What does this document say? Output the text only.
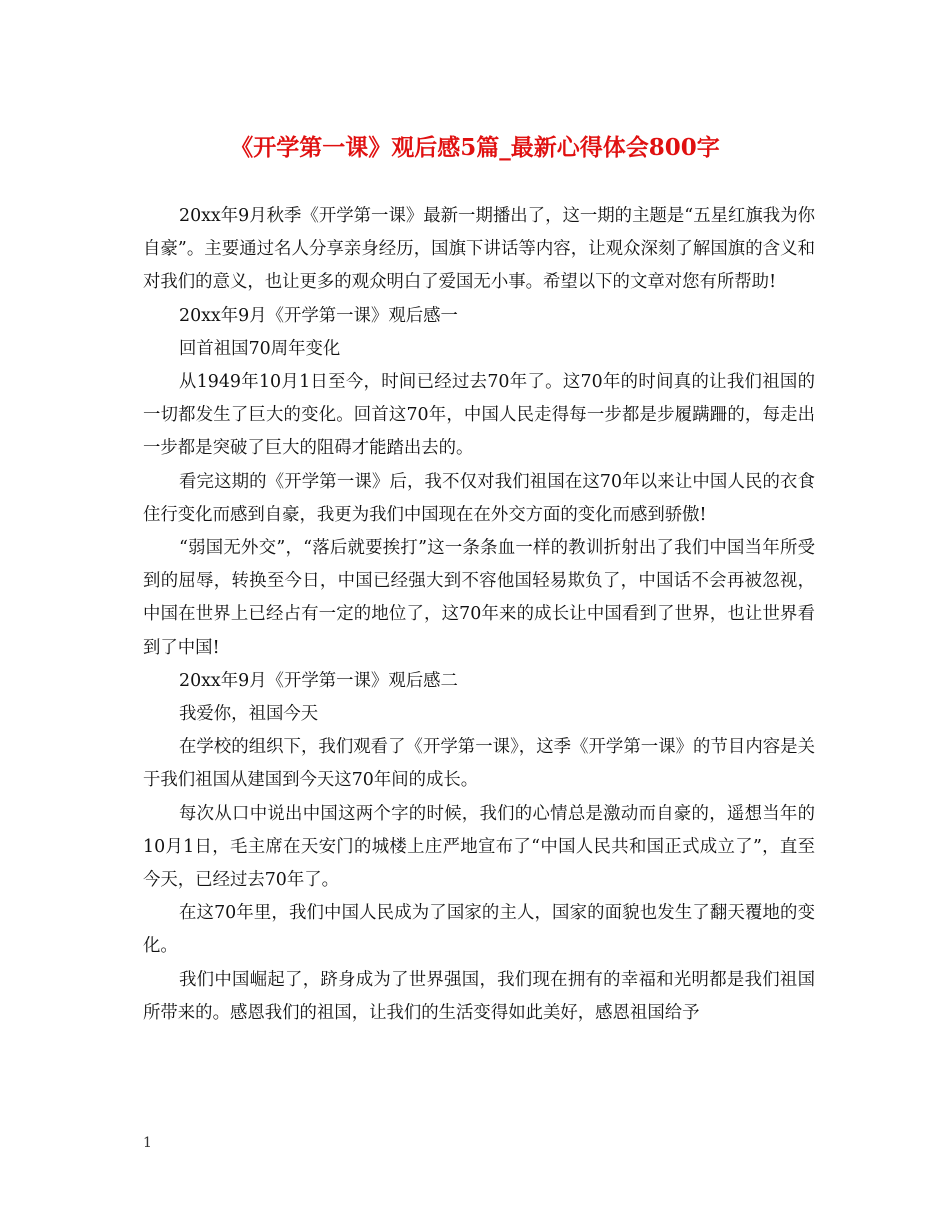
《开学第一课》观后感5篇_最新心得体会800字

20xx年9月秋季《开学第一课》最新一期播出了，这一期的主题是“五星红旗我为你自豪”。主要通过名人分享亲身经历，国旗下讲话等内容，让观众深刻了解国旗的含义和对我们的意义，也让更多的观众明白了爱国无小事。希望以下的文章对您有所帮助!

20xx年9月《开学第一课》观后感一

回首祖国70周年变化

从1949年10月1日至今，时间已经过去70年了。这70年的时间真的让我们祖国的一切都发生了巨大的变化。回首这70年，中国人民走得每一步都是步履蹒跚的，每走出一步都是突破了巨大的阻碍才能踏出去的。

看完这期的《开学第一课》后，我不仅对我们祖国在这70年以来让中国人民的衣食住行变化而感到自豪，我更为我们中国现在在外交方面的变化而感到骄傲!

“弱国无外交”，“落后就要挨打”这一条条血一样的教训折射出了我们中国当年所受到的屈辱，转换至今日，中国已经强大到不容他国轻易欺负了，中国话不会再被忽视，中国在世界上已经占有一定的地位了，这70年来的成长让中国看到了世界，也让世界看到了中国!

20xx年9月《开学第一课》观后感二

我爱你，祖国今天

在学校的组织下，我们观看了《开学第一课》，这季《开学第一课》的节目内容是关于我们祖国从建国到今天这70年间的成长。

每次从口中说出中国这两个字的时候，我们的心情总是激动而自豪的，遥想当年的10月1日，毛主席在天安门的城楼上庄严地宣布了“中国人民共和国正式成立了”，直至今天，已经过去70年了。

在这70年里，我们中国人民成为了国家的主人，国家的面貌也发生了翻天覆地的变化。

我们中国崛起了，跻身成为了世界强国，我们现在拥有的幸福和光明都是我们祖国所带来的。感恩我们的祖国，让我们的生活变得如此美好，感恩祖国给予

1
